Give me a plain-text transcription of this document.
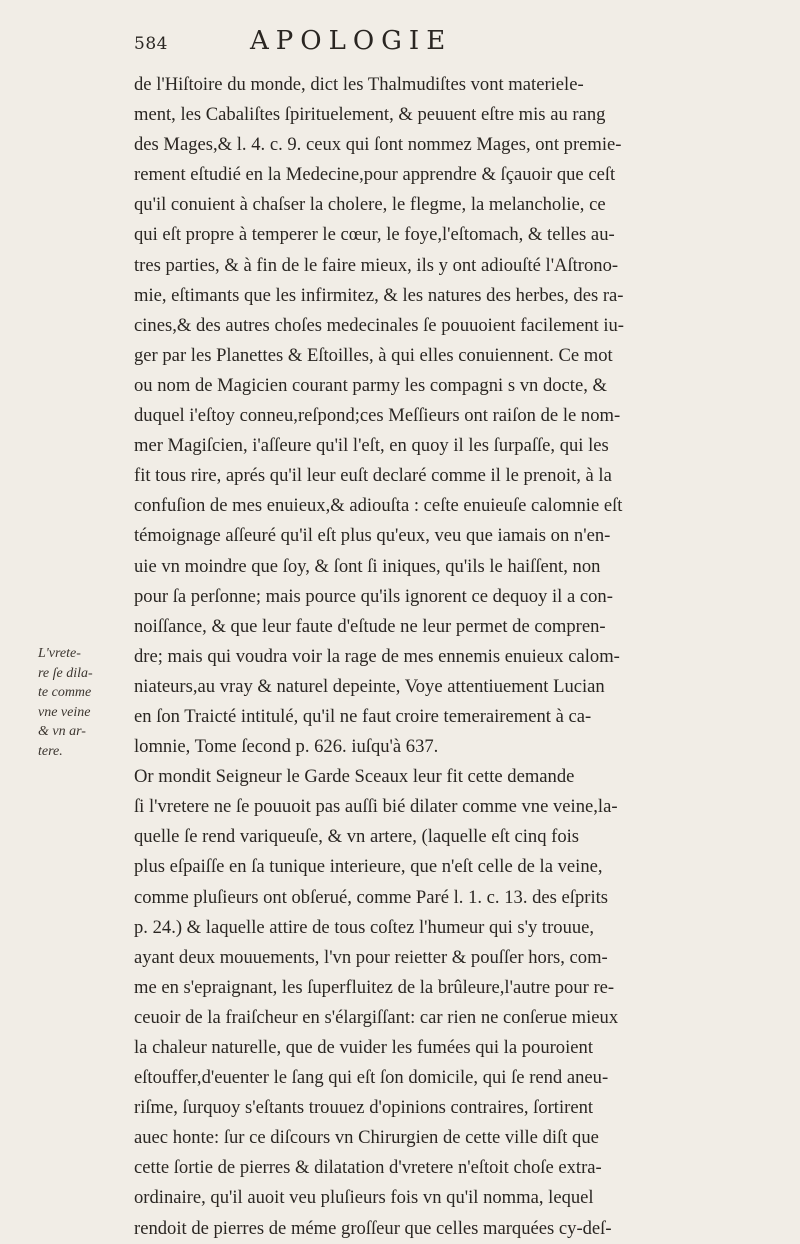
584	APOLOGIE
de l'Hiſtoire du monde, dict les Thalmudiſtes vont materiele-
ment, les Cabaliſtes ſpirituelement, & peuuent eſtre mis au rang
des Mages,& l. 4. c. 9. ceux qui ſont nommez Mages, ont premie-
rement eſtudié en la Medecine,pour apprendre & ſçauoir que ceſt
qu'il conuient à chaſser la cholere, le flegme, la melancholie, ce
qui eſt propre à temperer le cœur, le foye,l'eſtomach, & telles au-
tres parties, & à fin de le faire mieux, ils y ont adiouſté l'Aſtrono-
mie, eſtimants que les infirmitez, & les natures des herbes, des ra-
cines,& des autres choſes medecinales ſe pouuoient facilement iu-
ger par les Planettes & Eſtoilles, à qui elles conuiennent. Ce mot
ou nom de Magicien courant parmy les compagni s vn docte, &
duquel i'eſtoy conneu,reſpond;ces Meſſieurs ont raiſon de le nom-
mer Magiſcien, i'aſſeure qu'il l'eſt, en quoy il les ſurpaſſe, qui les
fit tous rire, aprés qu'il leur euſt declaré comme il le prenoit, à la
confuſion de mes enuieux,& adiouſta : ceſte enuieuſe calomnie eſt
témoignage aſſeuré qu'il eſt plus qu'eux, veu que iamais on n'en-
uie vn moindre que ſoy, & ſont ſi iniques, qu'ils le haiſſent, non
pour ſa perſonne; mais pource qu'ils ignorent ce dequoy il a con-
noiſſance, & que leur faute d'eſtude ne leur permet de compren-
dre; mais qui voudra voir la rage de mes ennemis enuieux calom-
niateurs,au vray & naturel depeinte, Voye attentiuement Lucian
en ſon Traicté intitulé, qu'il ne faut croire temerairement à ca-
lomnie, Tome ſecond p. 626. iuſqu'à 637.
Or mondit Seigneur le Garde Sceaux leur fit cette demande
ſi l'vretere ne ſe pouuoit pas auſſi bié dilater comme vne veine,la-
quelle ſe rend variqueuſe, & vn artere, (laquelle eſt cinq fois
plus eſpaiſſe en ſa tunique interieure, que n'eſt celle de la veine,
comme pluſieurs ont obſerué, comme Paré l. 1. c. 13. des eſprits
p. 24.) & laquelle attire de tous coſtez l'humeur qui s'y trouue,
ayant deux mouuements, l'vn pour reietter & pouſſer hors, com-
me en s'epraignant, les ſuperfluitez de la brûleure,l'autre pour re-
ceuoir de la fraiſcheur en s'élargiſſant: car rien ne conſerue mieux
la chaleur naturelle, que de vuider les fumées qui la pouroient
eſtouffer,d'euenter le ſang qui eſt ſon domicile, qui ſe rend aneu-
riſme, ſurquoy s'eſtants trouuez d'opinions contraires, ſortirent
auec honte: ſur ce diſcours vn Chirurgien de cette ville diſt que
cette ſortie de pierres & dilatation d'vretere n'eſtoit choſe extra-
ordinaire, qu'il auoit veu pluſieurs fois vn qu'il nomma, lequel
rendoit de pierres de méme groſſeur que celles marquées cy-deſ-
L'vrete-
re ſe dila-
te comme
vne veine
& vn ar-
tere.
